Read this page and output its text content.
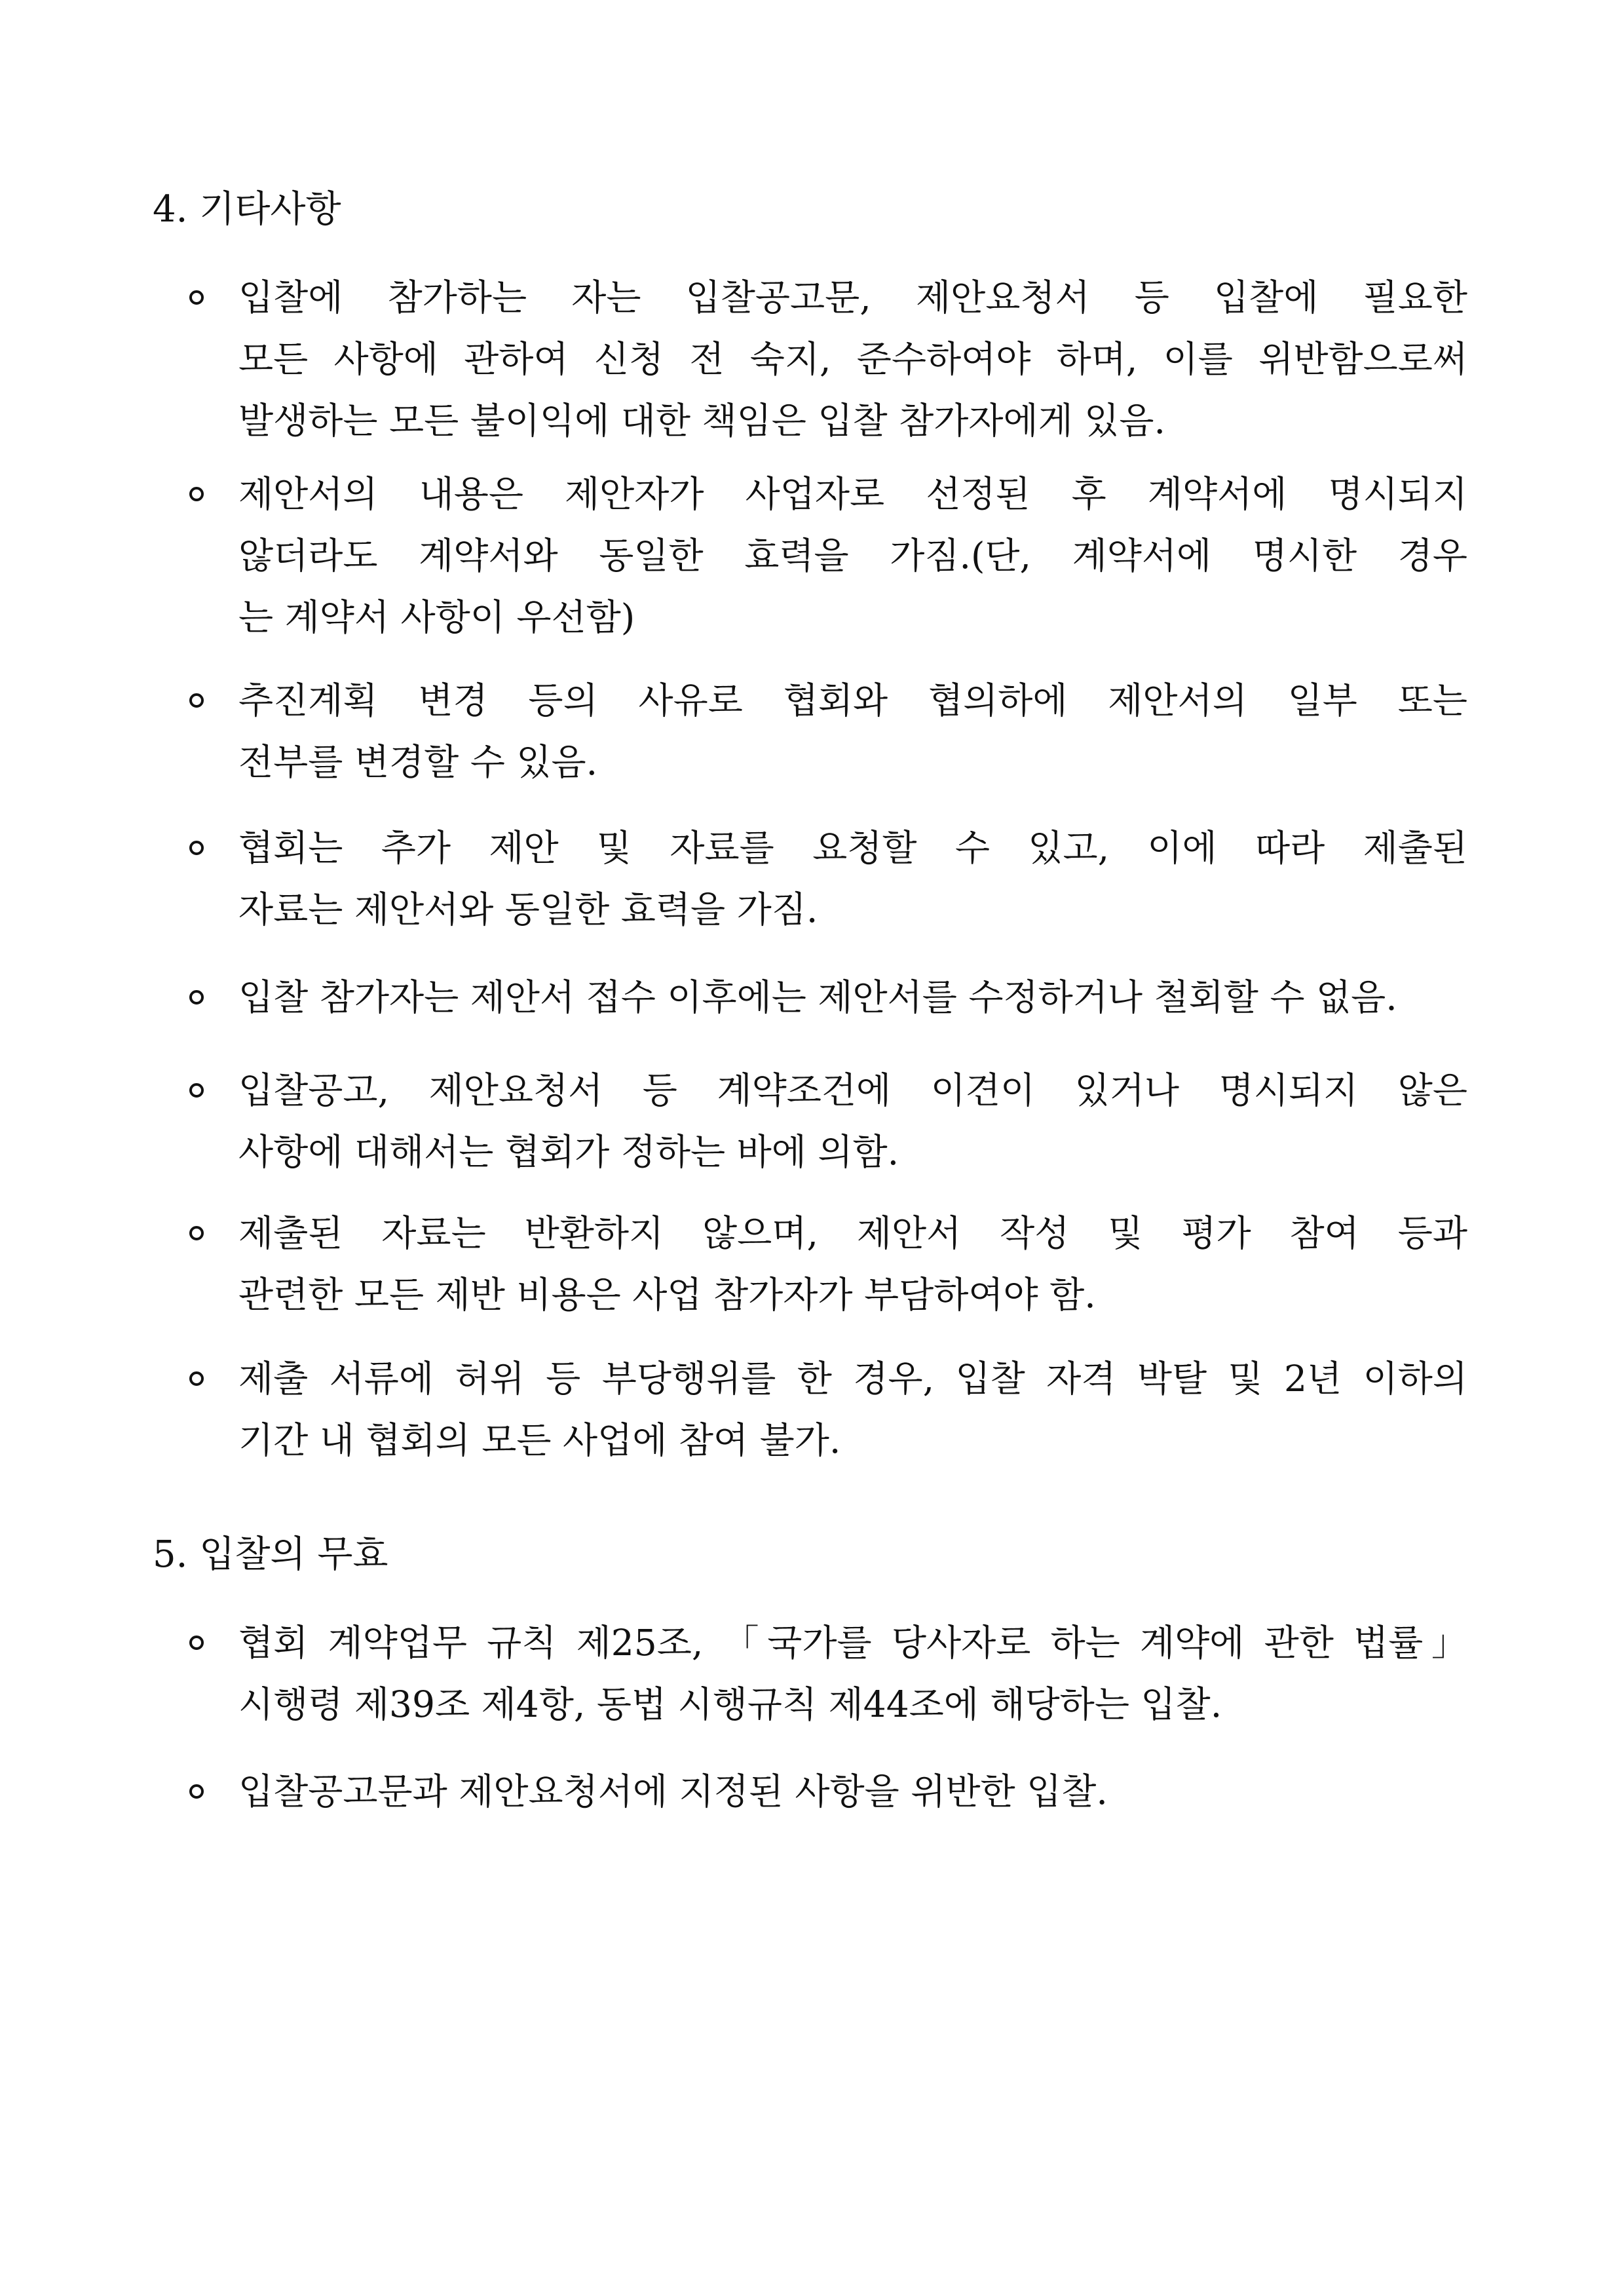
4. 기타사항

입찰에 참가하는 자는 입찰공고문, 제안요청서 등 입찰에 필요한
모든 사항에 관하여 신청 전 숙지, 준수하여야 하며, 이를 위반함으로써
발생하는 모든 불이익에 대한 책임은 입찰 참가자에게 있음.

제안서의 내용은 제안자가 사업자로 선정된 후 계약서에 명시되지
않더라도 계약서와 동일한 효력을 가짐.(단, 계약서에 명시한 경우
는 계약서 사항이 우선함)

추진계획 변경 등의 사유로 협회와 협의하에 제안서의 일부 또는
전부를 변경할 수 있음.

협회는 추가 제안 및 자료를 요청할 수 있고, 이에 따라 제출된
자료는 제안서와 동일한 효력을 가짐.

입찰 참가자는 제안서 접수 이후에는 제안서를 수정하거나 철회할 수 없음.

입찰공고, 제안요청서 등 계약조건에 이견이 있거나 명시되지 않은
사항에 대해서는 협회가 정하는 바에 의함.

제출된 자료는 반환하지 않으며, 제안서 작성 및 평가 참여 등과
관련한 모든 제반 비용은 사업 참가자가 부담하여야 함.

제출 서류에 허위 등 부당행위를 한 경우, 입찰 자격 박탈 및 2년 이하의
기간 내 협회의 모든 사업에 참여 불가.

5. 입찰의 무효

협회 계약업무 규칙 제25조, 「국가를 당사자로 하는 계약에 관한 법률」
시행령 제39조 제4항, 동법 시행규칙 제44조에 해당하는 입찰.

입찰공고문과 제안요청서에 지정된 사항을 위반한 입찰.
